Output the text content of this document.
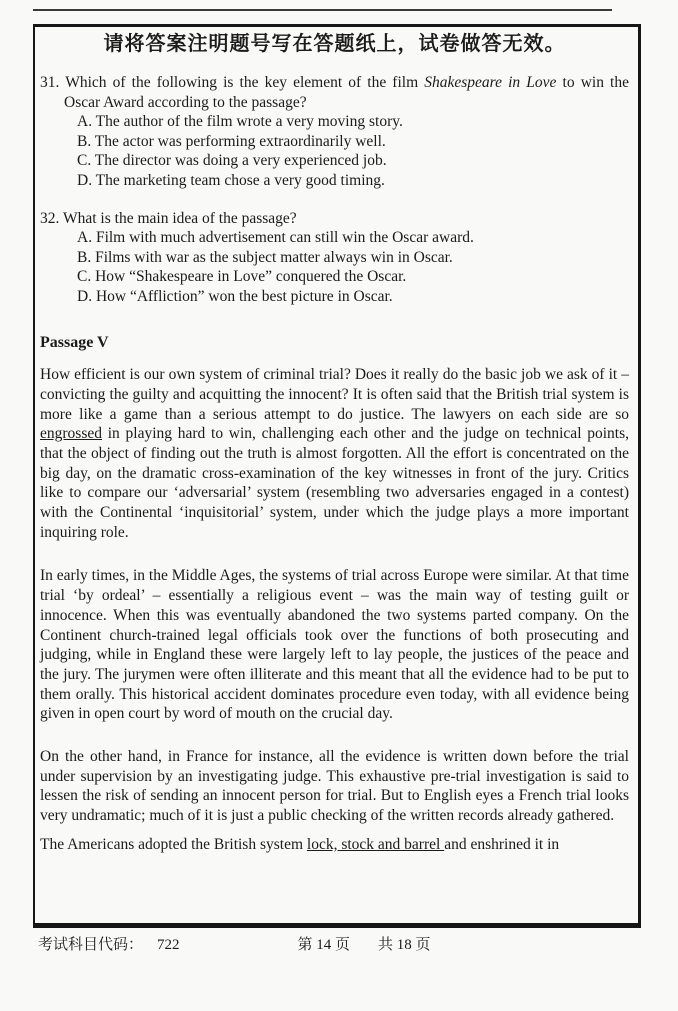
请将答案注明题号写在答题纸上，试卷做答无效。
31. Which of the following is the key element of the film Shakespeare in Love to win the Oscar Award according to the passage?
A. The author of the film wrote a very moving story.
B. The actor was performing extraordinarily well.
C. The director was doing a very experienced job.
D. The marketing team chose a very good timing.
32. What is the main idea of the passage?
A. Film with much advertisement can still win the Oscar award.
B. Films with war as the subject matter always win in Oscar.
C. How “Shakespeare in Love” conquered the Oscar.
D. How “Affliction” won the best picture in Oscar.
Passage V

How efficient is our own system of criminal trial? Does it really do the basic job we ask of it – convicting the guilty and acquitting the innocent? It is often said that the British trial system is more like a game than a serious attempt to do justice. The lawyers on each side are so engrossed in playing hard to win, challenging each other and the judge on technical points, that the object of finding out the truth is almost forgotten. All the effort is concentrated on the big day, on the dramatic cross-examination of the key witnesses in front of the jury. Critics like to compare our ‘adversarial’ system (resembling two adversaries engaged in a contest) with the Continental ‘inquisitorial’ system, under which the judge plays a more important inquiring role.

In early times, in the Middle Ages, the systems of trial across Europe were similar. At that time trial ‘by ordeal’ – essentially a religious event – was the main way of testing guilt or innocence. When this was eventually abandoned the two systems parted company. On the Continent church-trained legal officials took over the functions of both prosecuting and judging, while in England these were largely left to lay people, the justices of the peace and the jury. The jurymen were often illiterate and this meant that all the evidence had to be put to them orally. This historical accident dominates procedure even today, with all evidence being given in open court by word of mouth on the crucial day.

On the other hand, in France for instance, all the evidence is written down before the trial under supervision by an investigating judge. This exhaustive pre-trial investigation is said to lessen the risk of sending an innocent person for trial. But to English eyes a French trial looks very undramatic; much of it is just a public checking of the written records already gathered.

The Americans adopted the British system lock, stock and barrel and enshrined it in

考试科目代码： 722	第 14 页 共 18 页
